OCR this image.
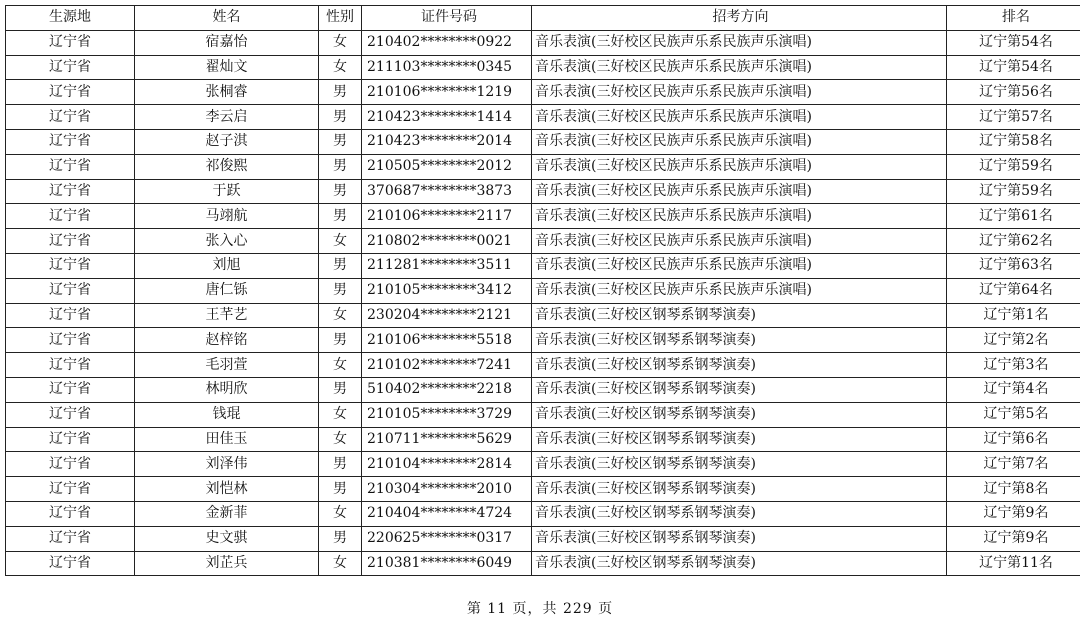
生源地	姓名	性别	证件号码	招考方向	排名
辽宁省	宿嘉怡	女	210402********0922	音乐表演(三好校区民族声乐系民族声乐演唱)	辽宁第54名
辽宁省	翟灿文	女	211103********0345	音乐表演(三好校区民族声乐系民族声乐演唱)	辽宁第54名
辽宁省	张桐睿	男	210106********1219	音乐表演(三好校区民族声乐系民族声乐演唱)	辽宁第56名
辽宁省	李云启	男	210423********1414	音乐表演(三好校区民族声乐系民族声乐演唱)	辽宁第57名
辽宁省	赵子淇	男	210423********2014	音乐表演(三好校区民族声乐系民族声乐演唱)	辽宁第58名
辽宁省	祁俊熙	男	210505********2012	音乐表演(三好校区民族声乐系民族声乐演唱)	辽宁第59名
辽宁省	于跃	男	370687********3873	音乐表演(三好校区民族声乐系民族声乐演唱)	辽宁第59名
辽宁省	马翊航	男	210106********2117	音乐表演(三好校区民族声乐系民族声乐演唱)	辽宁第61名
辽宁省	张入心	女	210802********0021	音乐表演(三好校区民族声乐系民族声乐演唱)	辽宁第62名
辽宁省	刘旭	男	211281********3511	音乐表演(三好校区民族声乐系民族声乐演唱)	辽宁第63名
辽宁省	唐仁铄	男	210105********3412	音乐表演(三好校区民族声乐系民族声乐演唱)	辽宁第64名
辽宁省	王芊艺	女	230204********2121	音乐表演(三好校区钢琴系钢琴演奏)	辽宁第1名
辽宁省	赵梓铭	男	210106********5518	音乐表演(三好校区钢琴系钢琴演奏)	辽宁第2名
辽宁省	毛羽萱	女	210102********7241	音乐表演(三好校区钢琴系钢琴演奏)	辽宁第3名
辽宁省	林明欣	男	510402********2218	音乐表演(三好校区钢琴系钢琴演奏)	辽宁第4名
辽宁省	钱琨	女	210105********3729	音乐表演(三好校区钢琴系钢琴演奏)	辽宁第5名
辽宁省	田佳玉	女	210711********5629	音乐表演(三好校区钢琴系钢琴演奏)	辽宁第6名
辽宁省	刘泽伟	男	210104********2814	音乐表演(三好校区钢琴系钢琴演奏)	辽宁第7名
辽宁省	刘恺林	男	210304********2010	音乐表演(三好校区钢琴系钢琴演奏)	辽宁第8名
辽宁省	金新菲	女	210404********4724	音乐表演(三好校区钢琴系钢琴演奏)	辽宁第9名
辽宁省	史文骐	男	220625********0317	音乐表演(三好校区钢琴系钢琴演奏)	辽宁第9名
辽宁省	刘芷兵	女	210381********6049	音乐表演(三好校区钢琴系钢琴演奏)	辽宁第11名
第 11 页，共 229 页
